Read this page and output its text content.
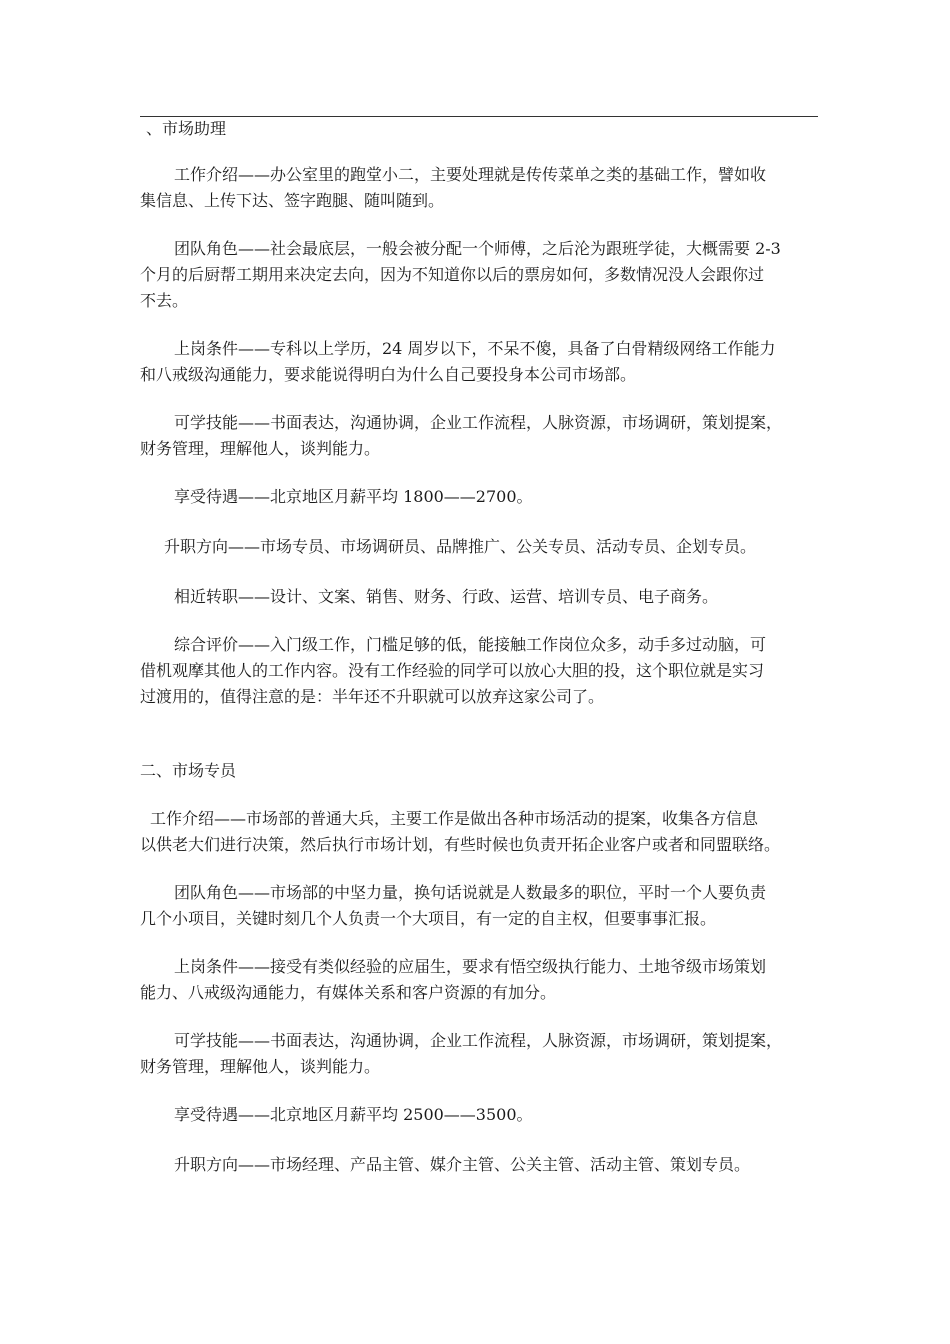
、市场助理
工作介绍——办公室里的跑堂小二，主要处理就是传传菜单之类的基础工作，譬如收
集信息、上传下达、签字跑腿、随叫随到。
团队角色——社会最底层，一般会被分配一个师傅，之后沦为跟班学徒，大概需要 2-3
个月的后厨帮工期用来决定去向，因为不知道你以后的票房如何，多数情况没人会跟你过
不去。
上岗条件——专科以上学历，24 周岁以下，不呆不傻，具备了白骨精级网络工作能力
和八戒级沟通能力，要求能说得明白为什么自己要投身本公司市场部。
可学技能——书面表达，沟通协调，企业工作流程，人脉资源，市场调研，策划提案，
财务管理，理解他人，谈判能力。
享受待遇——北京地区月薪平均 1800——2700。
升职方向——市场专员、市场调研员、品牌推广、公关专员、活动专员、企划专员。
相近转职——设计、文案、销售、财务、行政、运营、培训专员、电子商务。
综合评价——入门级工作，门槛足够的低，能接触工作岗位众多，动手多过动脑，可
借机观摩其他人的工作内容。没有工作经验的同学可以放心大胆的投，这个职位就是实习
过渡用的，值得注意的是：半年还不升职就可以放弃这家公司了。
二、市场专员
工作介绍——市场部的普通大兵，主要工作是做出各种市场活动的提案，收集各方信息
以供老大们进行决策，然后执行市场计划，有些时候也负责开拓企业客户或者和同盟联络。
团队角色——市场部的中坚力量，换句话说就是人数最多的职位，平时一个人要负责
几个小项目，关键时刻几个人负责一个大项目，有一定的自主权，但要事事汇报。
上岗条件——接受有类似经验的应届生，要求有悟空级执行能力、土地爷级市场策划
能力、八戒级沟通能力，有媒体关系和客户资源的有加分。
可学技能——书面表达，沟通协调，企业工作流程，人脉资源，市场调研，策划提案，
财务管理，理解他人，谈判能力。
享受待遇——北京地区月薪平均 2500——3500。
升职方向——市场经理、产品主管、媒介主管、公关主管、活动主管、策划专员。
